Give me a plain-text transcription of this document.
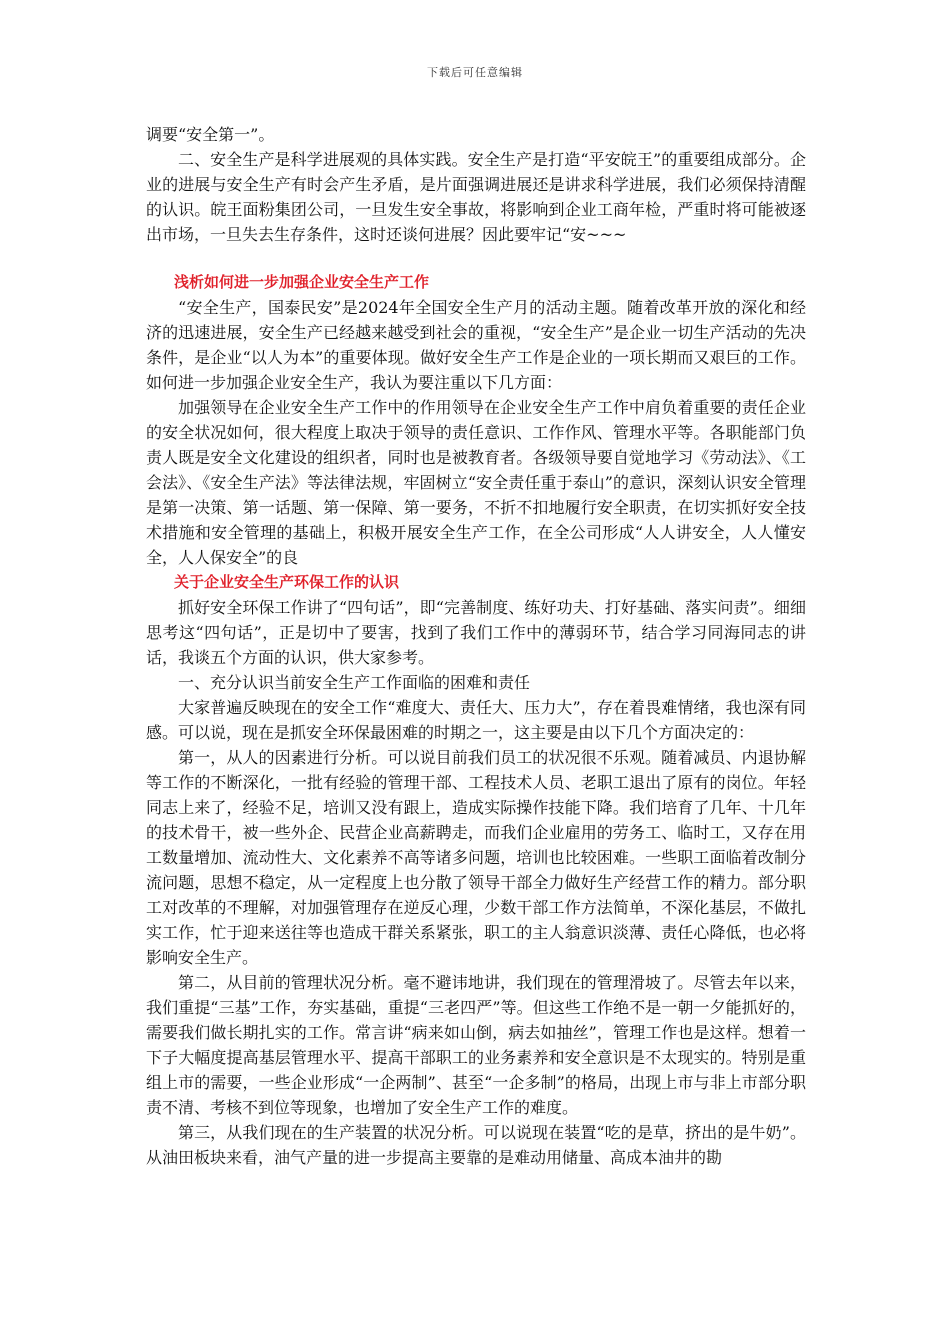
下载后可任意编辑

调要“安全第一”。

二、安全生产是科学进展观的具体实践。安全生产是打造“平安皖王”的重要组成部分。企业的进展与安全生产有时会产生矛盾，是片面强调进展还是讲求科学进展，我们必须保持清醒的认识。皖王面粉集团公司，一旦发生安全事故，将影响到企业工商年检，严重时将可能被逐出市场，一旦失去生存条件，这时还谈何进展？因此要牢记“安~~~

浅析如何进一步加强企业安全生产工作

“安全生产，国泰民安”是2024年全国安全生产月的活动主题。随着改革开放的深化和经济的迅速进展，安全生产已经越来越受到社会的重视，“安全生产”是企业一切生产活动的先决条件，是企业“以人为本”的重要体现。做好安全生产工作是企业的一项长期而又艰巨的工作。如何进一步加强企业安全生产，我认为要注重以下几方面：

加强领导在企业安全生产工作中的作用领导在企业安全生产工作中肩负着重要的责任企业的安全状况如何，很大程度上取决于领导的责任意识、工作作风、管理水平等。各职能部门负责人既是安全文化建设的组织者，同时也是被教育者。各级领导要自觉地学习《劳动法》、《工会法》、《安全生产法》等法律法规，牢固树立“安全责任重于泰山”的意识，深刻认识安全管理是第一决策、第一话题、第一保障、第一要务，不折不扣地履行安全职责，在切实抓好安全技术措施和安全管理的基础上，积极开展安全生产工作，在全公司形成“人人讲安全，人人懂安全，人人保安全”的良

关于企业安全生产环保工作的认识

抓好安全环保工作讲了“四句话”，即“完善制度、练好功夫、打好基础、落实问责”。细细思考这“四句话”，正是切中了要害，找到了我们工作中的薄弱环节，结合学习同海同志的讲话，我谈五个方面的认识，供大家参考。

一、充分认识当前安全生产工作面临的困难和责任

大家普遍反映现在的安全工作“难度大、责任大、压力大”，存在着畏难情绪，我也深有同感。可以说，现在是抓安全环保最困难的时期之一，这主要是由以下几个方面决定的：

第一，从人的因素进行分析。可以说目前我们员工的状况很不乐观。随着减员、内退协解等工作的不断深化，一批有经验的管理干部、工程技术人员、老职工退出了原有的岗位。年轻同志上来了，经验不足，培训又没有跟上，造成实际操作技能下降。我们培育了几年、十几年的技术骨干，被一些外企、民营企业高薪聘走，而我们企业雇用的劳务工、临时工，又存在用工数量增加、流动性大、文化素养不高等诸多问题，培训也比较困难。一些职工面临着改制分流问题，思想不稳定，从一定程度上也分散了领导干部全力做好生产经营工作的精力。部分职工对改革的不理解，对加强管理存在逆反心理，少数干部工作方法简单，不深化基层，不做扎实工作，忙于迎来送往等也造成干群关系紧张，职工的主人翁意识淡薄、责任心降低，也必将影响安全生产。

第二，从目前的管理状况分析。毫不避讳地讲，我们现在的管理滑坡了。尽管去年以来，我们重提“三基”工作，夯实基础，重提“三老四严”等。但这些工作绝不是一朝一夕能抓好的，需要我们做长期扎实的工作。常言讲“病来如山倒，病去如抽丝”，管理工作也是这样。想着一下子大幅度提高基层管理水平、提高干部职工的业务素养和安全意识是不太现实的。特别是重组上市的需要，一些企业形成“一企两制”、甚至“一企多制”的格局，出现上市与非上市部分职责不清、考核不到位等现象，也增加了安全生产工作的难度。

第三，从我们现在的生产装置的状况分析。可以说现在装置“吃的是草，挤出的是牛奶”。从油田板块来看，油气产量的进一步提高主要靠的是难动用储量、高成本油井的勘
